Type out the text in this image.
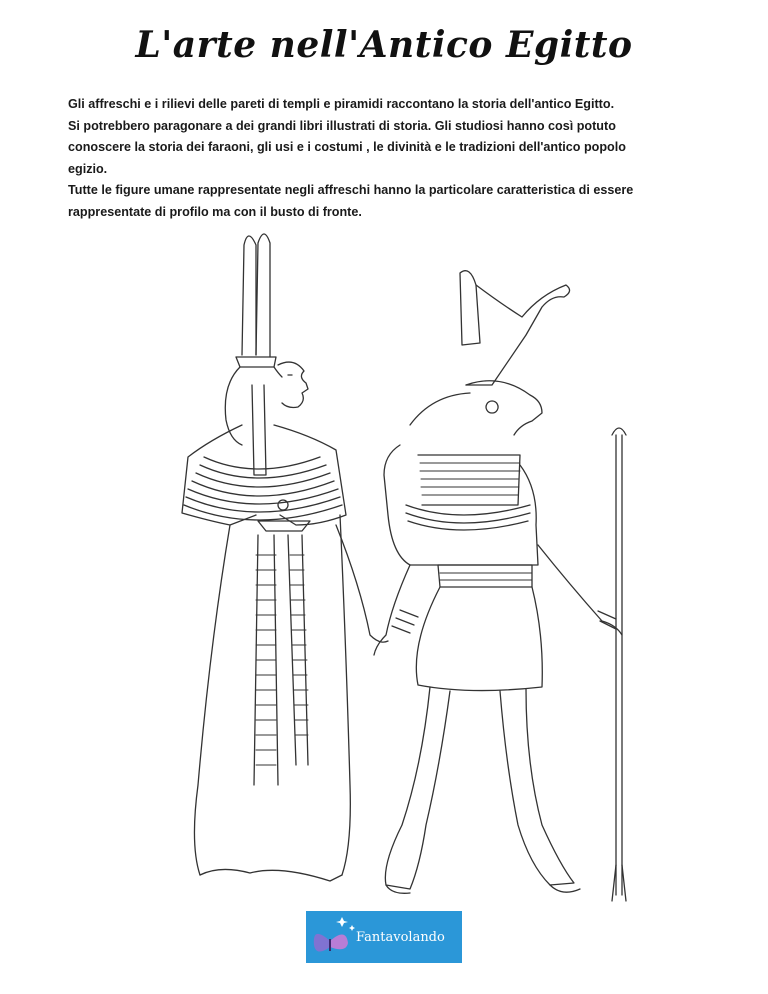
L'arte nell'Antico Egitto
Gli affreschi e i rilievi delle pareti di templi e piramidi raccontano la storia dell'antico Egitto.
Si potrebbero paragonare a dei grandi libri illustrati di storia. Gli studiosi hanno così potuto
conoscere la storia dei faraoni, gli usi e i costumi , le divinità e le tradizioni dell'antico popolo
egizio.
Tutte le figure umane rappresentate negli affreschi hanno la particolare caratteristica di essere
rappresentate di profilo ma con il busto di fronte.
Fantavolando
